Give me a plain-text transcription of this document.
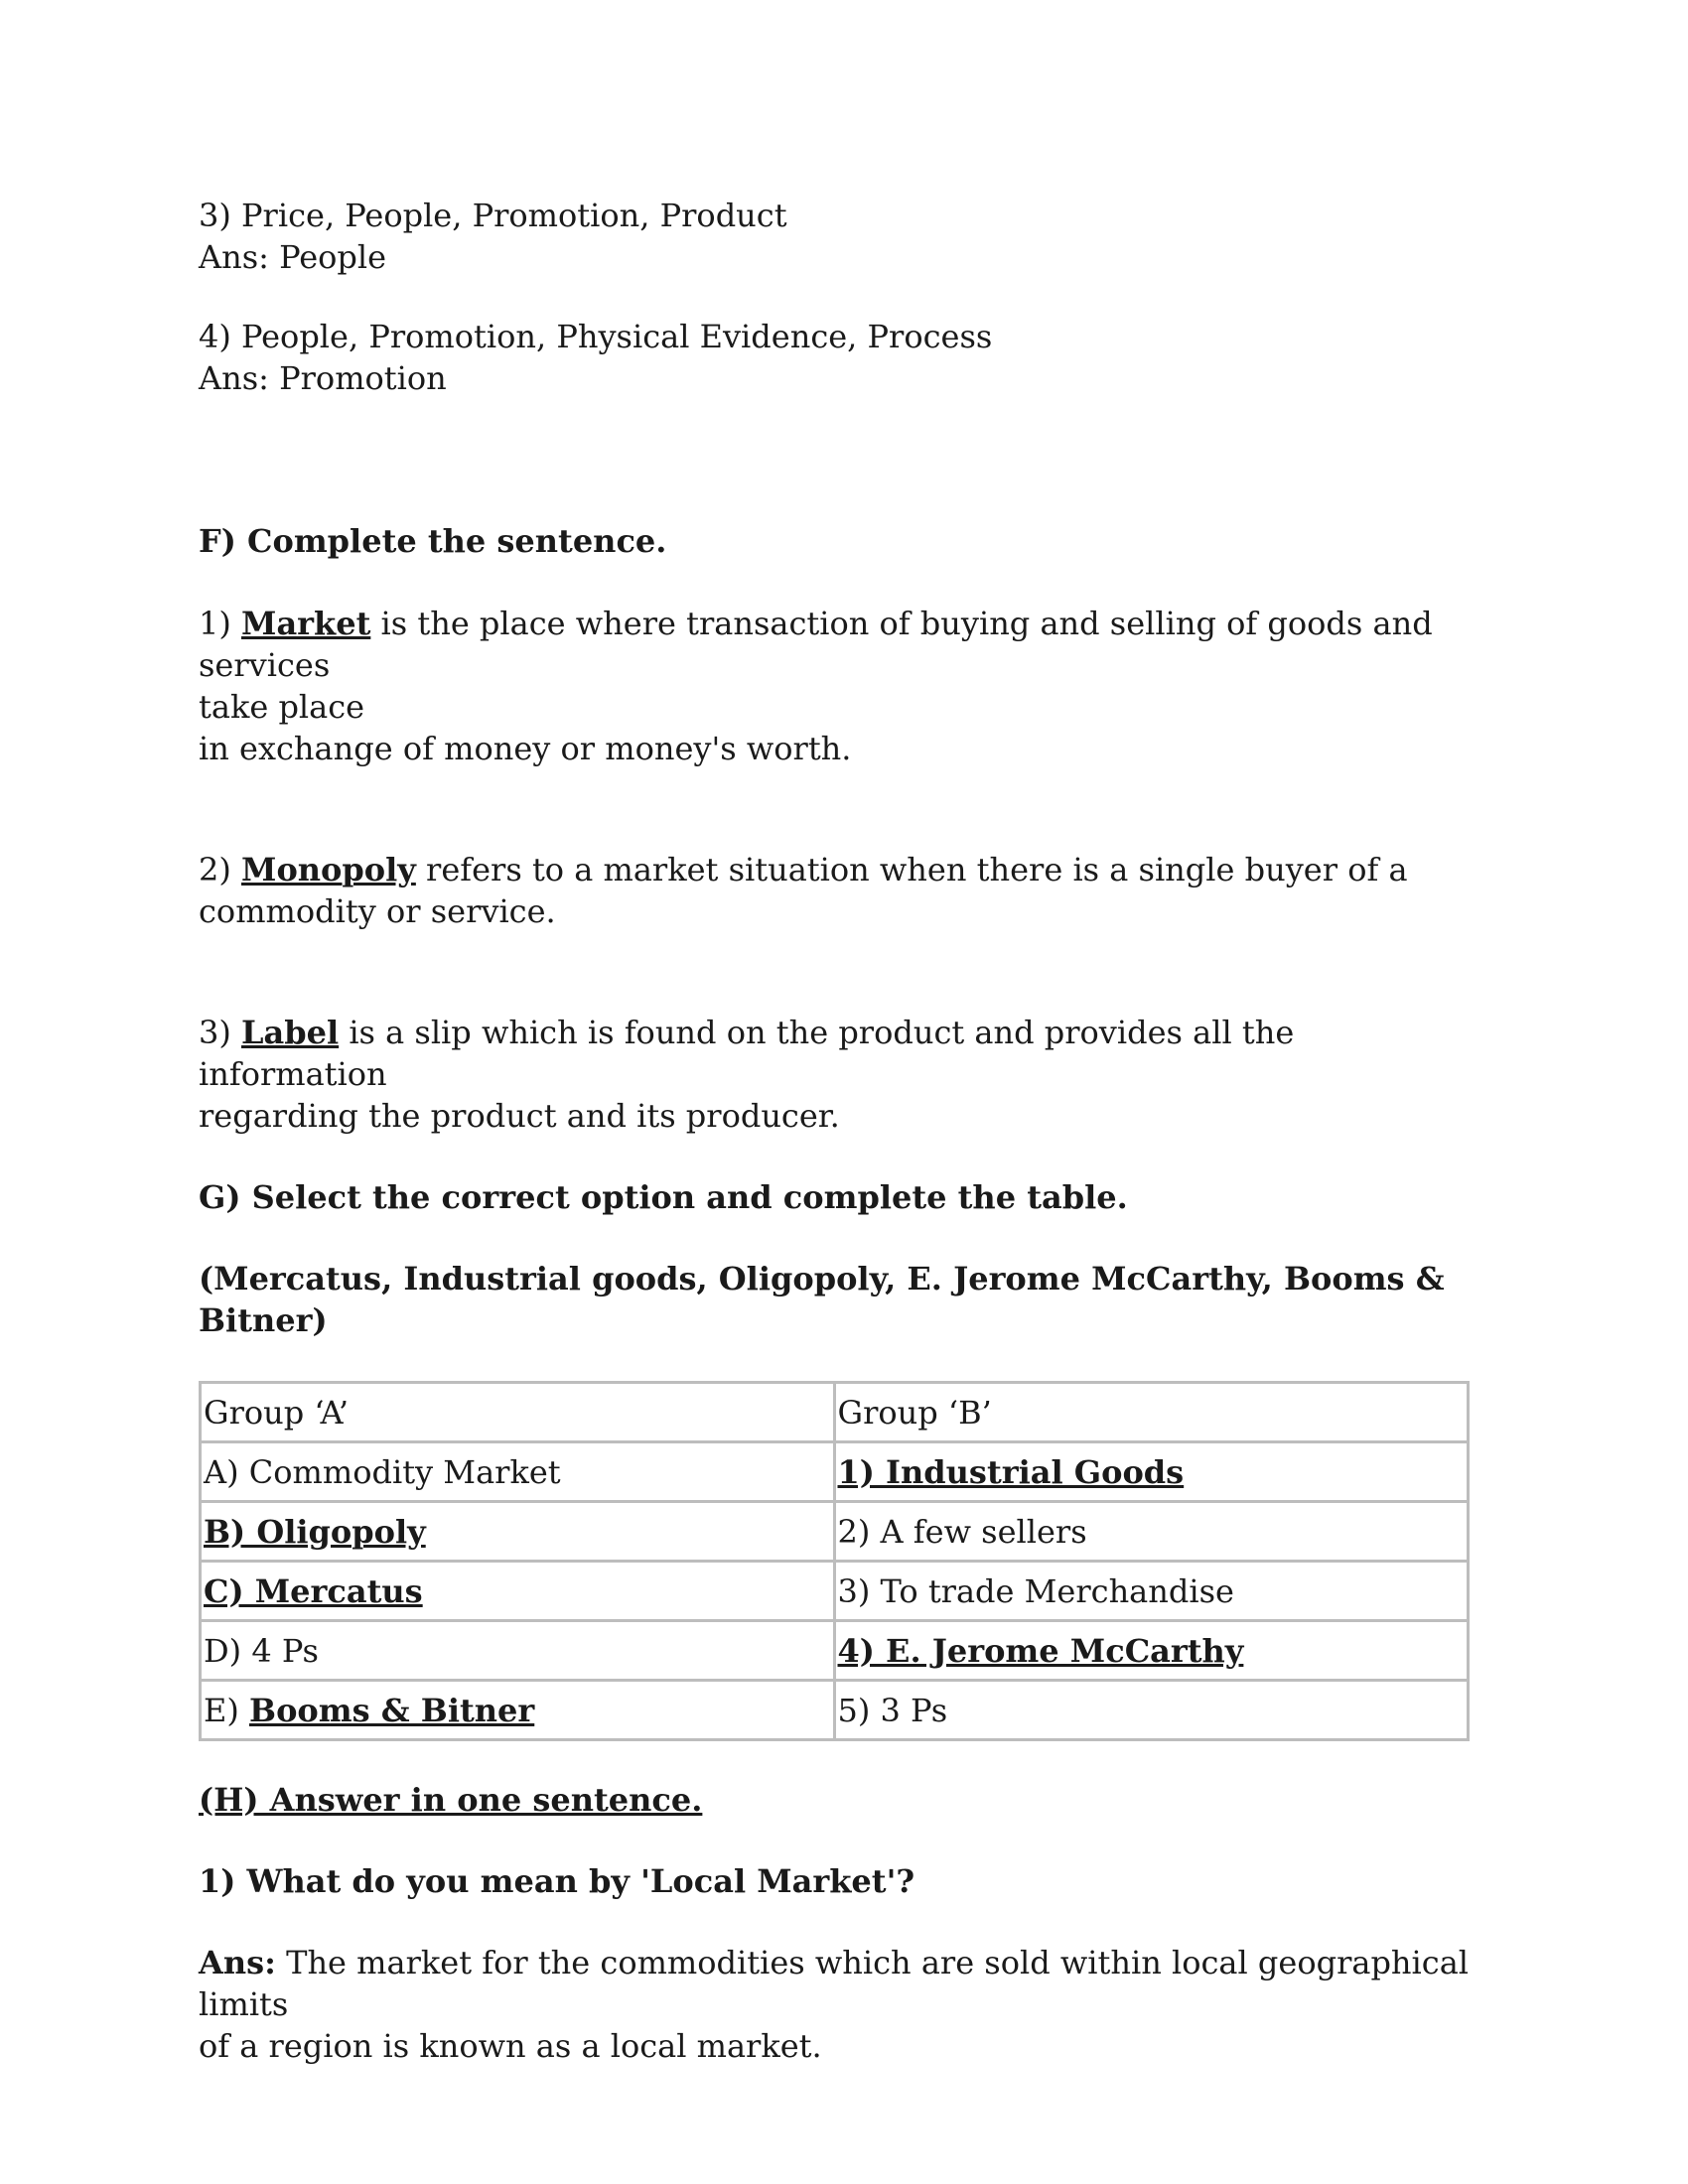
3) Price, People, Promotion, Product
Ans: People
4) People, Promotion, Physical Evidence, Process
Ans: Promotion
F) Complete the sentence.
1) Market is the place where transaction of buying and selling of goods and services
take place
in exchange of money or money's worth.
2) Monopoly refers to a market situation when there is a single buyer of a
commodity or service.
3) Label is a slip which is found on the product and provides all the information
regarding the product and its producer.
G) Select the correct option and complete the table.
(Mercatus, Industrial goods, Oligopoly, E. Jerome McCarthy, Booms & Bitner)
Group ‘A’	Group ‘B’
A) Commodity Market	1) Industrial Goods
B) Oligopoly	2) A few sellers
C) Mercatus	3) To trade Merchandise
D) 4 Ps	4) E. Jerome McCarthy
E) Booms & Bitner	5) 3 Ps
(H) Answer in one sentence.
1) What do you mean by 'Local Market'?
Ans: The market for the commodities which are sold within local geographical limits
of a region is known as a local market.
